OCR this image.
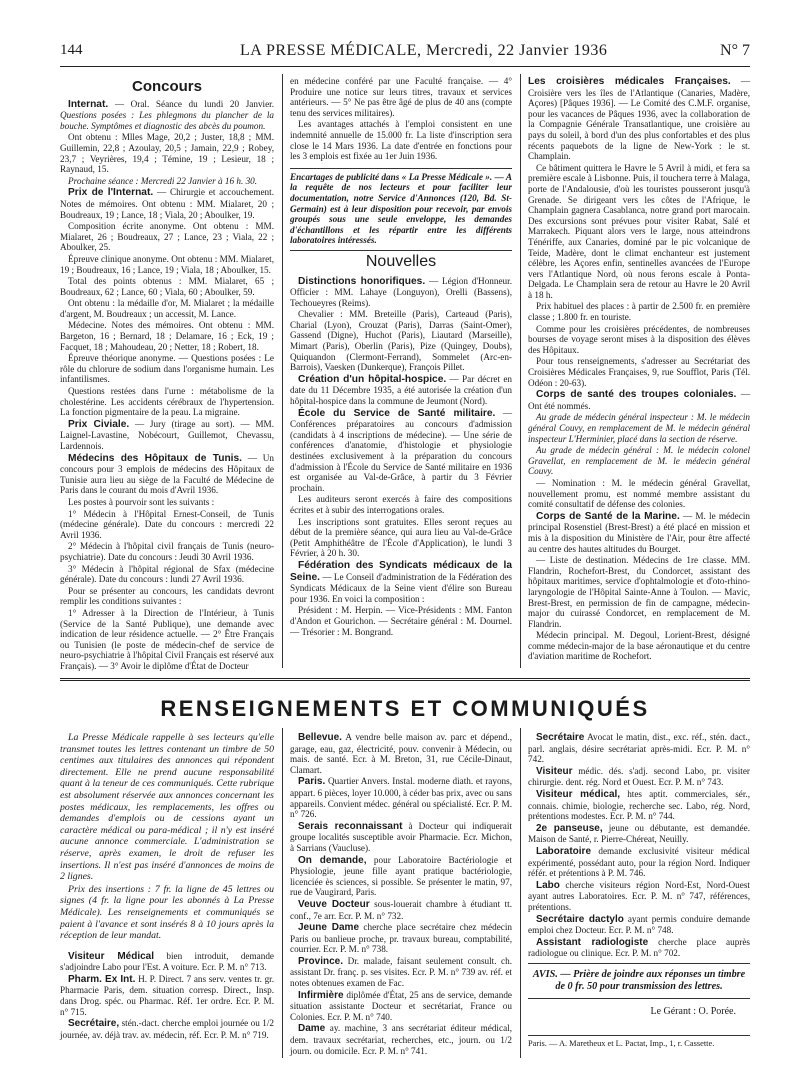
144	LA PRESSE MÉDICALE, Mercredi, 22 Janvier 1936	N° 7
Concours

Internat. — Oral. Séance du lundi 20 Janvier. Questions posées : Les phlegmons du plancher de la bouche. Symptômes et diagnostic des abcès du poumon.

Ont obtenu : Mlles Mage, 20,2 ; Juster, 18,8 ; MM. Guillemin, 22,8 ; Azoulay, 20,5 ; Jamain, 22,9 ; Robey, 23,7 ; Veyrières, 19,4 ; Témine, 19 ; Lesieur, 18 ; Raynaud, 15.

Prochaine séance : Mercredi 22 Janvier à 16 h. 30.

Prix de l'Internat. — Chirurgie et accouchement. Notes de mémoires. Ont obtenu : MM. Mialaret, 20 ; Boudreaux, 19 ; Lance, 18 ; Viala, 20 ; Aboulker, 19.

Composition écrite anonyme. Ont obtenu : MM. Mialaret, 26 ; Boudreaux, 27 ; Lance, 23 ; Viala, 22 ; Aboulker, 25.

Épreuve clinique anonyme. Ont obtenu : MM. Mialaret, 19 ; Boudreaux, 16 ; Lance, 19 ; Viala, 18 ; Aboulker, 15.

Total des points obtenus : MM. Mialaret, 65 ; Boudreaux, 62 ; Lance, 60 ; Viala, 60 ; Aboulker, 59.

Ont obtenu : la médaille d'or, M. Mialaret ; la médaille d'argent, M. Boudreaux ; un accessit, M. Lance.

Médecine. Notes des mémoires. Ont obtenu : MM. Bargeton, 16 ; Bernard, 18 ; Delamare, 16 ; Eck, 19 ; Facquet, 18 ; Mahoudeau, 20 ; Netter, 18 ; Robert, 18.

Épreuve théorique anonyme. — Questions posées : Le rôle du chlorure de sodium dans l'organisme humain. Les infantilismes.

Questions restées dans l'urne : métabolisme de la cholestérine. Les accidents cérébraux de l'hypertension. La fonction pigmentaire de la peau. La migraine.

Prix Civiale. — Jury (tirage au sort). — MM. Laignel-Lavastine, Nobécourt, Guillemot, Chevassu, Lardennois.

Médecins des Hôpitaux de Tunis. — Un concours pour 3 emplois de médecins des Hôpitaux de Tunisie aura lieu au siège de la Faculté de Médecine de Paris dans le courant du mois d'Avril 1936.

Les postes à pourvoir sont les suivants :

1° Médecin à l'Hôpital Ernest-Conseil, de Tunis (médecine générale). Date du concours : mercredi 22 Avril 1936.

2° Médecin à l'hôpital civil français de Tunis (neuro-psychiatrie). Date du concours : Jeudi 30 Avril 1936.

3° Médecin à l'hôpital régional de Sfax (médecine générale). Date du concours : lundi 27 Avril 1936.

Pour se présenter au concours, les candidats devront remplir les conditions suivantes :

1° Adresser à la Direction de l'Intérieur, à Tunis (Service de la Santé Publique), une demande avec indication de leur résidence actuelle. — 2° Être Français ou Tunisien (le poste de médecin-chef de service de neuro-psychiatrie à l'hôpital Civil Français est réservé aux Français). — 3° Avoir le diplôme d'État de Docteur

en médecine conféré par une Faculté française. — 4° Produire une notice sur leurs titres, travaux et services antérieurs. — 5° Ne pas être âgé de plus de 40 ans (compte tenu des services militaires).

Les avantages attachés à l'emploi consistent en une indemnité annuelle de 15.000 fr. La liste d'inscription sera close le 14 Mars 1936. La date d'entrée en fonctions pour les 3 emplois est fixée au 1er Juin 1936.

Encartages de publicité dans « La Presse Médicale ». — A la requête de nos lecteurs et pour faciliter leur documentation, notre Service d'Annonces (120, Bd. St-Germain) est à leur disposition pour recevoir, par envois groupés sous une seule enveloppe, les demandes d'échantillons et les répartir entre les différents laboratoires intéressés.

Nouvelles

Distinctions honorifiques. — Légion d'Honneur. Officier : MM. Lahaye (Longuyon), Orelli (Bassens), Techoueyres (Reims).

Chevalier : MM. Breteille (Paris), Carteaud (Paris), Charial (Lyon), Crouzat (Paris), Darras (Saint-Omer), Gassend (Digne), Huchot (Paris), Liautard (Marseille), Mimart (Paris), Oberlin (Paris), Pize (Quingey, Doubs), Quiquandon (Clermont-Ferrand), Sommelet (Arc-en-Barrois), Vaesken (Dunkerque), François Pillet.

Création d'un hôpital-hospice. — Par décret en date du 11 Décembre 1935, a été autorisée la création d'un hôpital-hospice dans la commune de Jeumont (Nord).

École du Service de Santé militaire. — Conférences préparatoires au concours d'admission (candidats à 4 inscriptions de médecine). — Une série de conférences d'anatomie, d'histologie et physiologie destinées exclusivement à la préparation du concours d'admission à l'École du Service de Santé militaire en 1936 est organisée au Val-de-Grâce, à partir du 3 Février prochain.

Les auditeurs seront exercés à faire des compositions écrites et à subir des interrogations orales.

Les inscriptions sont gratuites. Elles seront reçues au début de la première séance, qui aura lieu au Val-de-Grâce (Petit Amphithéâtre de l'École d'Application), le lundi 3 Février, à 20 h. 30.

Fédération des Syndicats médicaux de la Seine. — Le Conseil d'administration de la Fédération des Syndicats Médicaux de la Seine vient d'élire son Bureau pour 1936. En voici la composition :

Président : M. Herpin. — Vice-Présidents : MM. Fanton d'Andon et Gourichon. — Secrétaire général : M. Dournel. — Trésorier : M. Bongrand.

Les croisières médicales Françaises. — Croisière vers les îles de l'Atlantique (Canaries, Madère, Açores) [Pâques 1936]. — Le Comité des C.M.F. organise, pour les vacances de Pâques 1936, avec la collaboration de la Compagnie Générale Transatlantique, une croisière au pays du soleil, à bord d'un des plus confortables et des plus récents paquebots de la ligne de New-York : le st. Champlain.

Ce bâtiment quittera le Havre le 5 Avril à midi, et fera sa première escale à Lisbonne. Puis, il touchera terre à Malaga, porte de l'Andalousie, d'où les touristes pousseront jusqu'à Grenade. Se dirigeant vers les côtes de l'Afrique, le Champlain gagnera Casablanca, notre grand port marocain. Des excursions sont prévues pour visiter Rabat, Salé et Marrakech. Piquant alors vers le large, nous atteindrons Ténériffe, aux Canaries, dominé par le pic volcanique de Teide, Madère, dont le climat enchanteur est justement célèbre, les Açores enfin, sentinelles avancées de l'Europe vers l'Atlantique Nord, où nous ferons escale à Ponta-Delgada. Le Champlain sera de retour au Havre le 20 Avril à 18 h.

Prix habituel des places : à partir de 2.500 fr. en première classe ; 1.800 fr. en touriste.

Comme pour les croisières précédentes, de nombreuses bourses de voyage seront mises à la disposition des élèves des Hôpitaux.

Pour tous renseignements, s'adresser au Secrétariat des Croisières Médicales Françaises, 9, rue Soufflot, Paris (Tél. Odéon : 20-63).

Corps de santé des troupes coloniales. — Ont été nommés.

Au grade de médecin général inspecteur : M. le médecin général Couvy, en remplacement de M. le médecin général inspecteur L'Herminier, placé dans la section de réserve.

Au grade de médecin général : M. le médecin colonel Gravellat, en remplacement de M. le médecin général Couvy.

— Nomination : M. le médecin général Gravellat, nouvellement promu, est nommé membre assistant du comité consultatif de défense des colonies.

Corps de Santé de la Marine. — M. le médecin principal Rosenstiel (Brest-Brest) a été placé en mission et mis à la disposition du Ministère de l'Air, pour être affecté au centre des hautes altitudes du Bourget.

— Liste de destination. Médecins de 1re classe. MM. Flandrin, Rochefort-Brest, du Condorcet, assistant des hôpitaux maritimes, service d'ophtalmologie et d'oto-rhino-laryngologie de l'Hôpital Sainte-Anne à Toulon. — Mavic, Brest-Brest, en permission de fin de campagne, médecin-major du cuirassé Condorcet, en remplacement de M. Flandrin.

Médecin principal. M. Degoul, Lorient-Brest, désigné comme médecin-major de la base aéronautique et du centre d'aviation maritime de Rochefort.

RENSEIGNEMENTS ET COMMUNIQUÉS

La Presse Médicale rappelle à ses lecteurs qu'elle transmet toutes les lettres contenant un timbre de 50 centimes aux titulaires des annonces qui répondent directement. Elle ne prend aucune responsabilité quant à la teneur de ces communiqués. Cette rubrique est absolument réservée aux annonces concernant les postes médicaux, les remplacements, les offres ou demandes d'emplois ou de cessions ayant un caractère médical ou para-médical ; il n'y est inséré aucune annonce commerciale. L'administration se réserve, après examen, le droit de refuser les insertions. Il n'est pas inséré d'annonces de moins de 2 lignes.

Prix des insertions : 7 fr. la ligne de 45 lettres ou signes (4 fr. la ligne pour les abonnés à La Presse Médicale). Les renseignements et communiqués se paient à l'avance et sont insérés 8 à 10 jours après la réception de leur mandat.

Visiteur Médical bien introduit, demande s'adjoindre Labo pour l'Est. A voiture. Ecr. P. M. n° 713.

Pharm. Ex Int. H. P. Direct. 7 ans serv. ventes tr. gr. Pharmacie Paris, dem. situation corresp. Direct., Insp. dans Drog. spéc. ou Pharmac. Réf. 1er ordre. Ecr. P. M. n° 715.

Secrétaire, stén.-dact. cherche emploi journée ou 1/2 journée, av. déjà trav. av. médecin, réf. Ecr. P. M. n° 719.

Bellevue. A vendre belle maison av. parc et dépend., garage, eau, gaz, électricité, pouv. convenir à Médecin, ou mais. de santé. Ecr. à M. Breton, 31, rue Cécile-Dinaut, Clamart.

Paris. Quartier Anvers. Instal. moderne diath. et rayons, appart. 6 pièces, loyer 10.000, à céder bas prix, avec ou sans appareils. Convient médec. général ou spécialisté. Ecr. P. M. n° 726.

Serais reconnaissant à Docteur qui indiquerait groupe localités susceptible avoir Pharmacie. Ecr. Michon, à Sarrians (Vaucluse).

On demande, pour Laboratoire Bactériologie et Physiologie, jeune fille ayant pratique bactériologie, licenciée ès sciences, si possible. Se présenter le matin, 97, rue de Vaugirard, Paris.

Veuve Docteur sous-louerait chambre à étudiant tt. conf., 7e arr. Ecr. P. M. n° 732.

Jeune Dame cherche place secrétaire chez médecin Paris ou banlieue proche, pr. travaux bureau, comptabilité, courrier. Ecr. P. M. n° 738.

Province. Dr. malade, faisant seulement consult. ch. assistant Dr. franç. p. ses visites. Ecr. P. M. n° 739 av. réf. et notes obtenues examen de Fac.

Infirmière diplômée d'État, 25 ans de service, demande situation assistante Docteur et secrétariat, France ou Colonies. Ecr. P. M. n° 740.

Dame ay. machine, 3 ans secrétariat éditeur médical, dem. travaux secrétariat, recherches, etc., journ. ou 1/2 journ. ou domicile. Ecr. P. M. n° 741.

Secrétaire Avocat le matin, dist., exc. réf., stén. dact., parl. anglais, désire secrétariat après-midi. Ecr. P. M. n° 742.

Visiteur médic. dés. s'adj. second Labo, pr. visiter chirurgie. dent. rég. Nord et Ouest. Ecr. P. M. n° 743.

Visiteur médical, htes aptit. commerciales, sér., connais. chimie, biologie, recherche sec. Labo, rég. Nord, prétentions modestes. Ecr. P. M. n° 744.

2e panseuse, jeune ou débutante, est demandée. Maison de Santé, r. Pierre-Chéreat, Neuilly.

Laboratoire demande exclusivité visiteur médical expérimenté, possédant auto, pour la région Nord. Indiquer référ. et prétentions à P. M. 746.

Labo cherche visiteurs région Nord-Est, Nord-Ouest ayant autres Laboratoires. Ecr. P. M. n° 747, références, prétentions.

Secrétaire dactylo ayant permis conduire demande emploi chez Docteur. Ecr. P. M. n° 748.

Assistant radiologiste cherche place auprès radiologue ou clinique. Ecr. P. M. n° 702.

AVIS. — Prière de joindre aux réponses un timbre de 0 fr. 50 pour transmission des lettres.
Le Gérant : O. Porée.
Paris. — A. Maretheux et L. Pactat, Imp., 1, r. Cassette.
